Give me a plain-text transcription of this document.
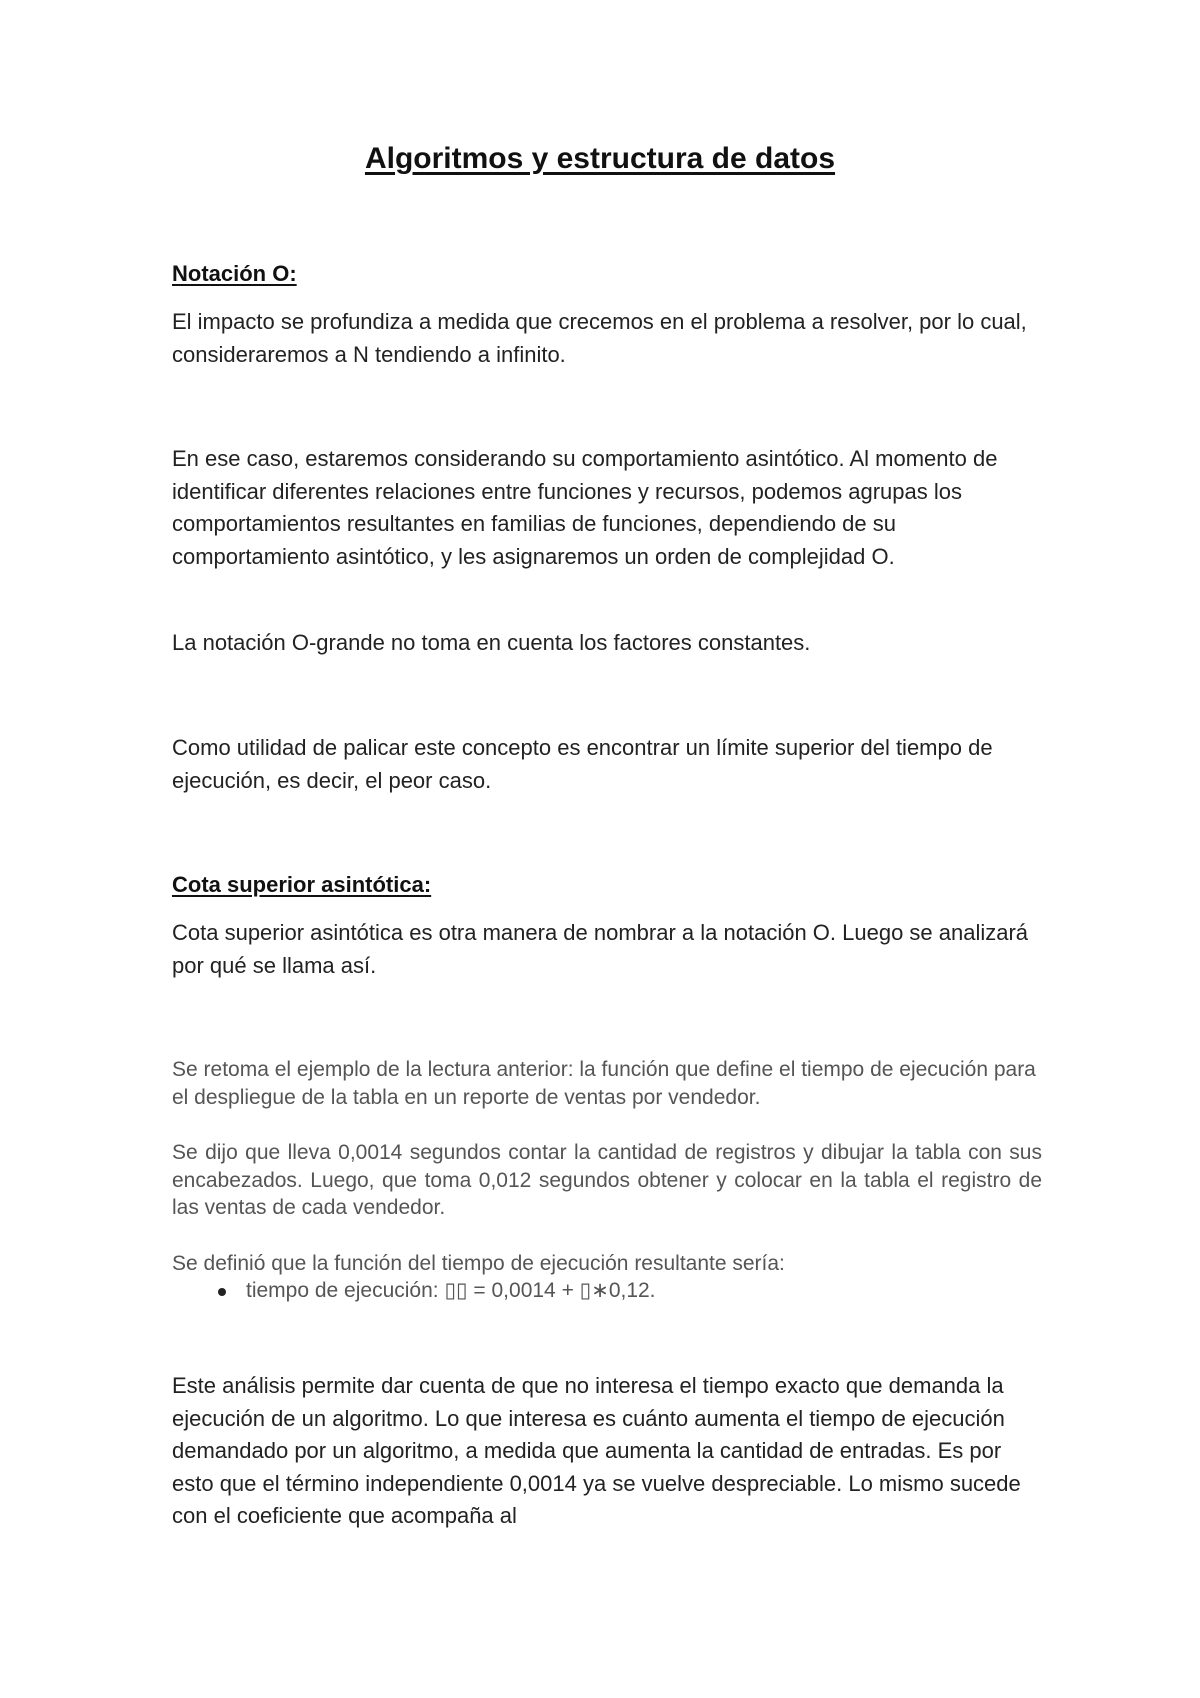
Algoritmos y estructura de datos
Notación O:
El impacto se profundiza a medida que crecemos en el problema a resolver, por lo cual, consideraremos a N tendiendo a infinito.
En ese caso, estaremos considerando su comportamiento asintótico. Al momento de identificar diferentes relaciones entre funciones y recursos, podemos agrupas los comportamientos resultantes en familias de funciones, dependiendo de su comportamiento asintótico, y les asignaremos un orden de complejidad O.
La notación O-grande no toma en cuenta los factores constantes.
Como utilidad de palicar este concepto es encontrar un límite superior del tiempo de ejecución, es decir, el peor caso.
Cota superior asintótica:
Cota superior asintótica es otra manera de nombrar a la notación O. Luego se analizará por qué se llama así.
Se retoma el ejemplo de la lectura anterior: la función que define el tiempo de ejecución para el despliegue de la tabla en un reporte de ventas por vendedor.
Se dijo que lleva 0,0014 segundos contar la cantidad de registros y dibujar la tabla con sus encabezados. Luego, que toma 0,012 segundos obtener y colocar en la tabla el registro de las ventas de cada vendedor.
Se definió que la función del tiempo de ejecución resultante sería:
tiempo de ejecución: ▯▯ = 0,0014 + ▯∗0,12.
Este análisis permite dar cuenta de que no interesa el tiempo exacto que demanda la ejecución de un algoritmo. Lo que interesa es cuánto aumenta el tiempo de ejecución demandado por un algoritmo, a medida que aumenta la cantidad de entradas. Es por esto que el término independiente 0,0014 ya se vuelve despreciable. Lo mismo sucede con el coeficiente que acompaña al
